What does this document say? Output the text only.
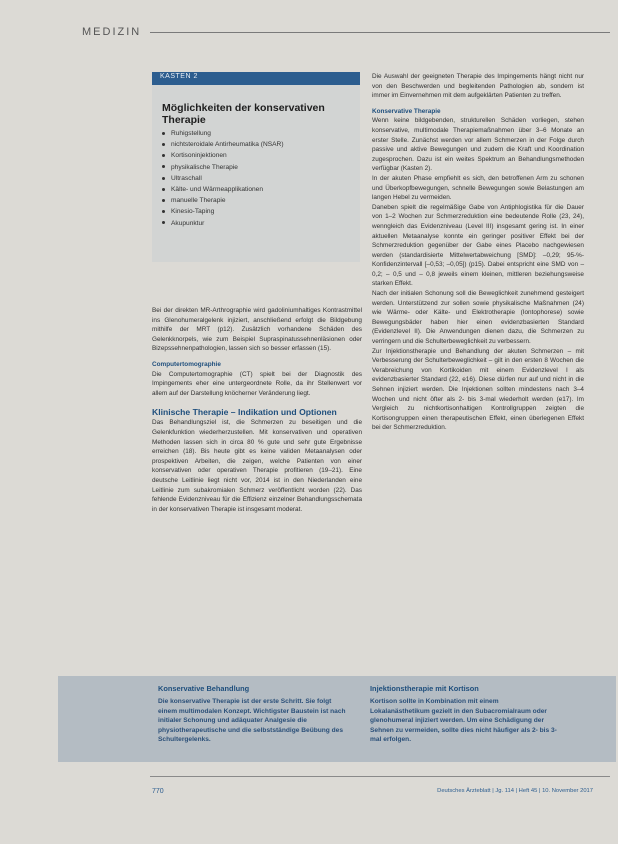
MEDIZIN
KASTEN 2
Möglichkeiten der konservativen Therapie
Ruhigstellung
nichtsteroidale Antirheumatika (NSAR)
Kortisoninjektionen
physikalische Therapie
Ultraschall
Kälte- und Wärmeapplikationen
manuelle Therapie
Kinesio-Taping
Akupunktur

Bei der direkten MR-Arthrographie wird gadoliniumhaltiges Kontrastmittel ins Glenohumeralgelenk injiziert, anschließend erfolgt die Bildgebung mithilfe der MRT (p12). Zusätzlich vorhandene Schäden des Gelenkknorpels, wie zum Beispiel Supraspinatussehnenläsionen oder Bizepssehnenpathologien, lassen sich so besser erfassen (15).

Computertomographie

Die Computertomographie (CT) spielt bei der Diagnostik des Impingements eher eine untergeordnete Rolle, da ihr Stellenwert vor allem auf der Darstellung knöcherner Veränderung liegt.

Klinische Therapie – Indikation und Optionen

Das Behandlungsziel ist, die Schmerzen zu beseitigen und die Gelenkfunktion wiederherzustellen. Mit konservativen und operativen Methoden lassen sich in circa 80 % gute und sehr gute Ergebnisse erreichen (18). Bis heute gibt es keine validen Metaanalysen oder prospektiven Arbeiten, die zeigen, welche Patienten von einer konservativen oder operativen Therapie profitieren (19–21). Eine deutsche Leitlinie liegt nicht vor, 2014 ist in den Niederlanden eine Leitlinie zum subakromialen Schmerz veröffentlicht worden (22). Das fehlende Evidenzniveau für die Effizienz einzelner Behandlungsschemata in der konservativen Therapie ist insgesamt moderat.

Die Auswahl der geeigneten Therapie des Impingements hängt nicht nur von den Beschwerden und begleitenden Pathologien ab, sondern ist immer im Einvernehmen mit dem aufgeklärten Patienten zu treffen.

Konservative Therapie

Wenn keine bildgebenden, strukturellen Schäden vorliegen, stehen konservative, multimodale Therapiemaßnahmen über 3–6 Monate an erster Stelle. Zunächst werden vor allem Schmerzen in der Folge durch passive und aktive Bewegungen und zudem die Kraft und Koordination zugesprochen. Dazu ist ein weites Spektrum an Behandlungsmethoden verfügbar (Kasten 2).

In der akuten Phase empfiehlt es sich, den betroffenen Arm zu schonen und Überkopfbewegungen, schnelle Bewegungen sowie Belastungen am langen Hebel zu vermeiden.

Daneben spielt die regelmäßige Gabe von Antiphlogistika für die Dauer von 1–2 Wochen zur Schmerzreduktion eine bedeutende Rolle (23, 24), wenngleich das Evidenzniveau (Level III) insgesamt gering ist. In einer aktuellen Metaanalyse konnte ein geringer positiver Effekt bei der Schmerzreduktion gegenüber der Gabe eines Placebo nachgewiesen werden (standardisierte Mittelwertabweichung [SMD]: –0,29; 95-%-Konfidenzintervall [–0,53; –0,05]) (p15). Dabei entspricht eine SMD von – 0,2; – 0,5 und – 0,8 jeweils einem kleinen, mittleren beziehungsweise starken Effekt.

Nach der initialen Schonung soll die Beweglichkeit zunehmend gesteigert werden. Unterstützend zur sollen sowie physikalische Maßnahmen (24) wie Wärme- oder Kälte- und Elektrotherapie (Iontophorese) sowie Bewegungsbäder haben hier einen evidenzbasierten Standard (Evidenzlevel II). Die Anwendungen dienen dazu, die Schmerzen zu verringern und die Schulterbeweglichkeit zu verbessern.

Zur Injektionstherapie und Behandlung der akuten Schmerzen – mit Verbesserung der Schulterbeweglichkeit – gilt in den ersten 8 Wochen die Verabreichung von Kortikoiden mit einem Evidenzlevel I als evidenzbasierter Standard (22, e16). Diese dürfen nur auf und nicht in die Sehnen injiziert werden. Die Injektionen sollten mindestens nach 3–4 Wochen und nicht öfter als 2- bis 3-mal wiederholt werden (e17). Im Vergleich zu nichtkortisonhaltigen Kontrollgruppen zeigten die Kortisongruppen einen therapeutischen Effekt, einen überlegenen Effekt bei der Schmerzreduktion.

Konservative Behandlung
Die konservative Therapie ist der erste Schritt. Sie folgt einem multimodalen Konzept. Wichtigster Baustein ist nach initialer Schonung und adäquater Analgesie die physiotherapeutische und die selbstständige Beübung des Schultergelenks.
Injektionstherapie mit Kortison
Kortison sollte in Kombination mit einem Lokalanästhetikum gezielt in den Subacromialraum oder glenohumeral injiziert werden. Um eine Schädigung der Sehnen zu vermeiden, sollte dies nicht häufiger als 2- bis 3-mal erfolgen.
770	Deutsches Ärzteblatt | Jg. 114 | Heft 45 | 10. November 2017
